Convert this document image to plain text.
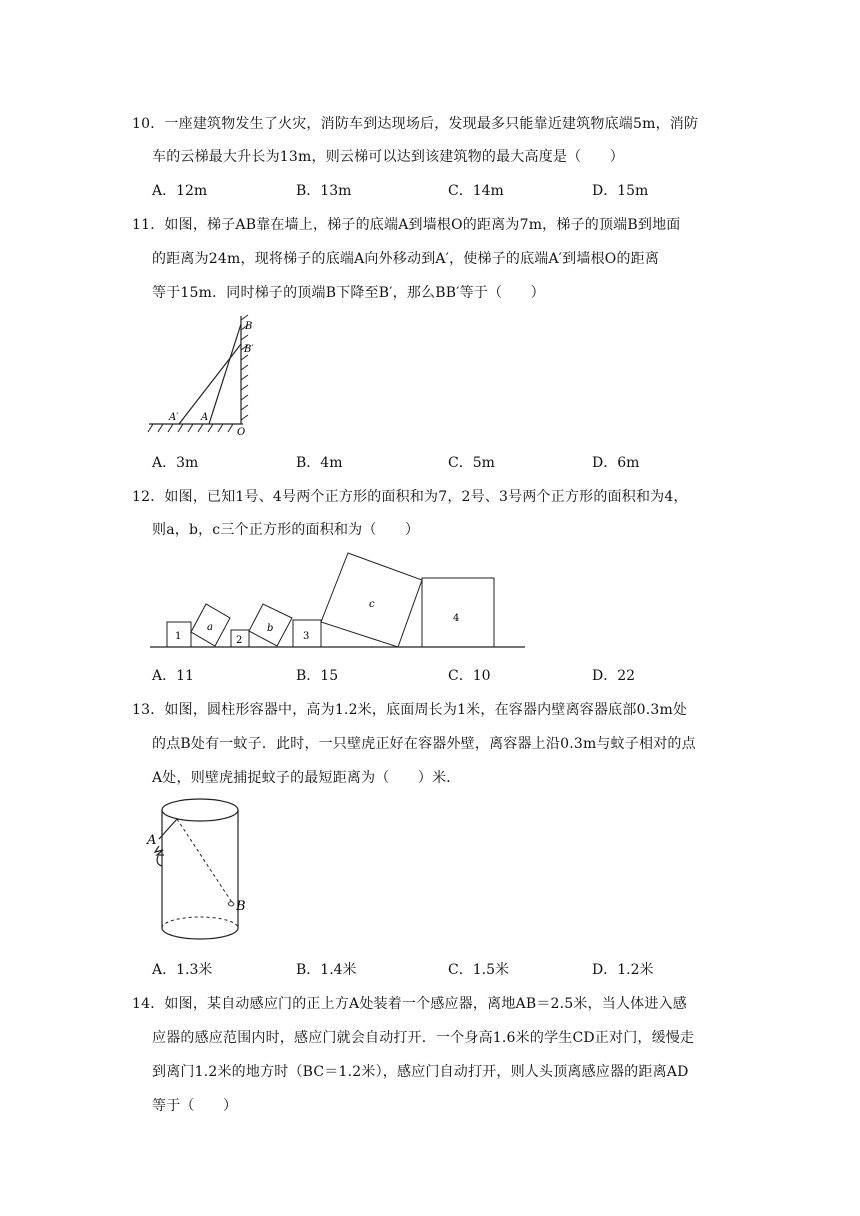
10．一座建筑物发生了火灾，消防车到达现场后，发现最多只能靠近建筑物底端5m，消防
车的云梯最大升长为13m，则云梯可以达到该建筑物的最大高度是（　　）
A．12m	B．13m	C．14m	D．15m
11．如图，梯子AB靠在墙上，梯子的底端A到墙根O的距离为7m，梯子的顶端B到地面
的距离为24m，现将梯子的底端A向外移动到A′，使梯子的底端A′到墙根O的距离
等于15m．同时梯子的顶端B下降至B′，那么BB′等于（　　）
B
B′
A′ A
O
A．3m	B．4m	C．5m	D．6m
12．如图，已知1号、4号两个正方形的面积和为7，2号、3号两个正方形的面积和为4，
则a，b，c三个正方形的面积和为（　　）
1
a
2
b
3
c
4
A．11	B．15	C．10	D．22
13．如图，圆柱形容器中，高为1.2米，底面周长为1米，在容器内壁离容器底部0.3m处
的点B处有一蚊子．此时，一只壁虎正好在容器外壁，离容器上沿0.3m与蚊子相对的点
A处，则壁虎捕捉蚊子的最短距离为（　　）米．
A
B
A．1.3米	B．1.4米	C．1.5米	D．1.2米
14．如图，某自动感应门的正上方A处装着一个感应器，离地AB＝2.5米，当人体进入感
应器的感应范围内时，感应门就会自动打开．一个身高1.6米的学生CD正对门，缓慢走
到离门1.2米的地方时（BC＝1.2米），感应门自动打开，则人头顶离感应器的距离AD
等于（　　）
